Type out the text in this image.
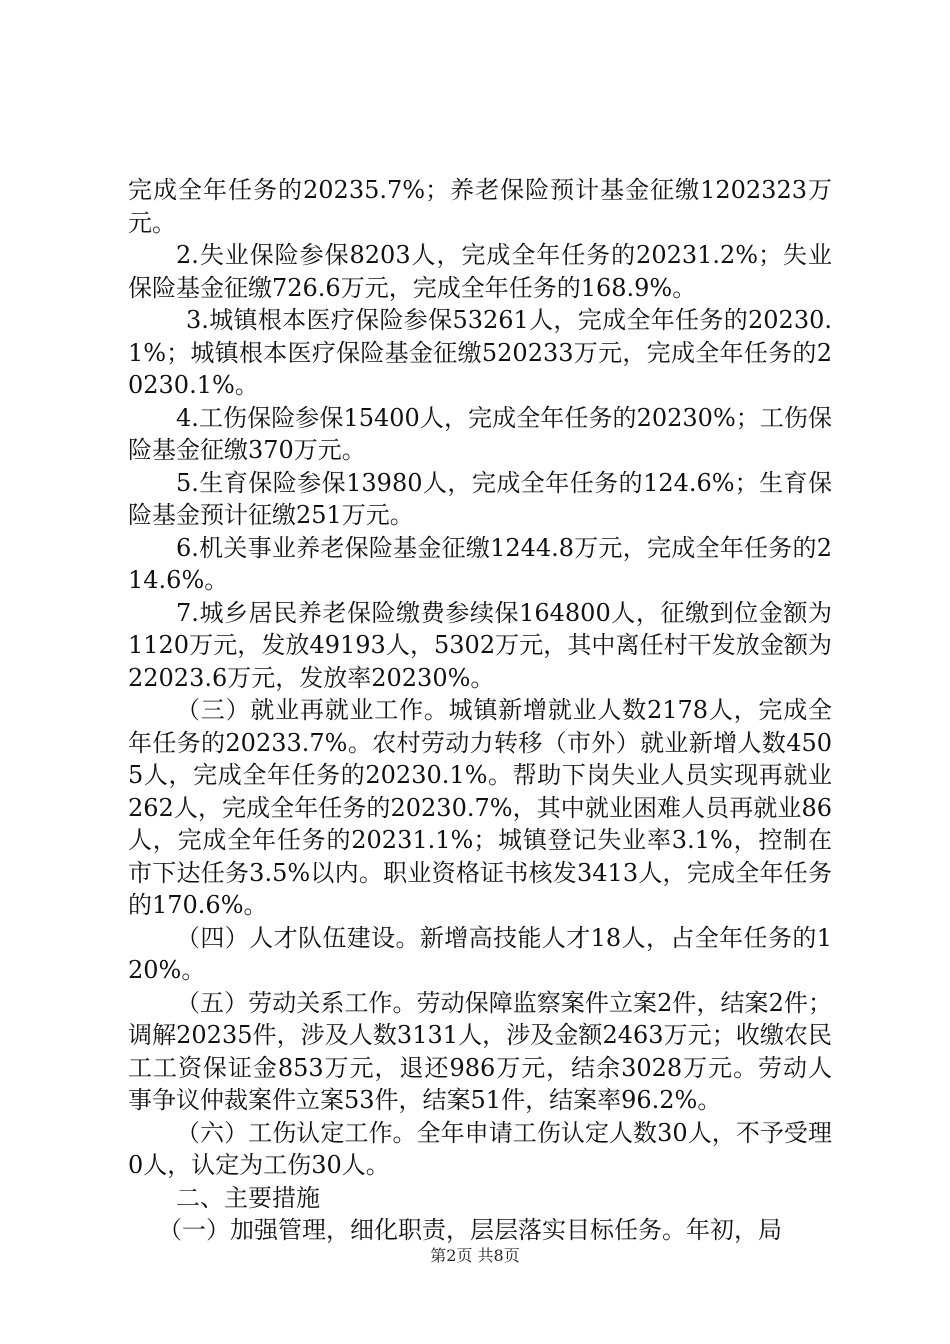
完成全年任务的20235.7%；养老保险预计基金征缴1202323万元。

2.失业保险参保8203人，完成全年任务的20231.2%；失业保险基金征缴726.6万元，完成全年任务的168.9%。

3.城镇根本医疗保险参保53261人，完成全年任务的20230.1%；城镇根本医疗保险基金征缴520233万元，完成全年任务的20230.1%。

4.工伤保险参保15400人，完成全年任务的20230%；工伤保险基金征缴370万元。

5.生育保险参保13980人，完成全年任务的124.6%；生育保险基金预计征缴251万元。

6.机关事业养老保险基金征缴1244.8万元，完成全年任务的214.6%。

7.城乡居民养老保险缴费参续保164800人，征缴到位金额为1120万元，发放49193人，5302万元，其中离任村干发放金额为22023.6万元，发放率20230%。

（三）就业再就业工作。城镇新增就业人数2178人，完成全年任务的20233.7%。农村劳动力转移（市外）就业新增人数4505人，完成全年任务的20230.1%。帮助下岗失业人员实现再就业262人，完成全年任务的20230.7%，其中就业困难人员再就业86人，完成全年任务的20231.1%；城镇登记失业率3.1%，控制在市下达任务3.5%以内。职业资格证书核发3413人，完成全年任务的170.6%。

（四）人才队伍建设。新增高技能人才18人，占全年任务的120%。

（五）劳动关系工作。劳动保障监察案件立案2件，结案2件；调解20235件，涉及人数3131人，涉及金额2463万元；收缴农民工工资保证金853万元，退还986万元，结余3028万元。劳动人事争议仲裁案件立案53件，结案51件，结案率96.2%。

（六）工伤认定工作。全年申请工伤认定人数30人，不予受理0人，认定为工伤30人。

二、主要措施

（一）加强管理，细化职责，层层落实目标任务。年初，局

第2页 共8页
